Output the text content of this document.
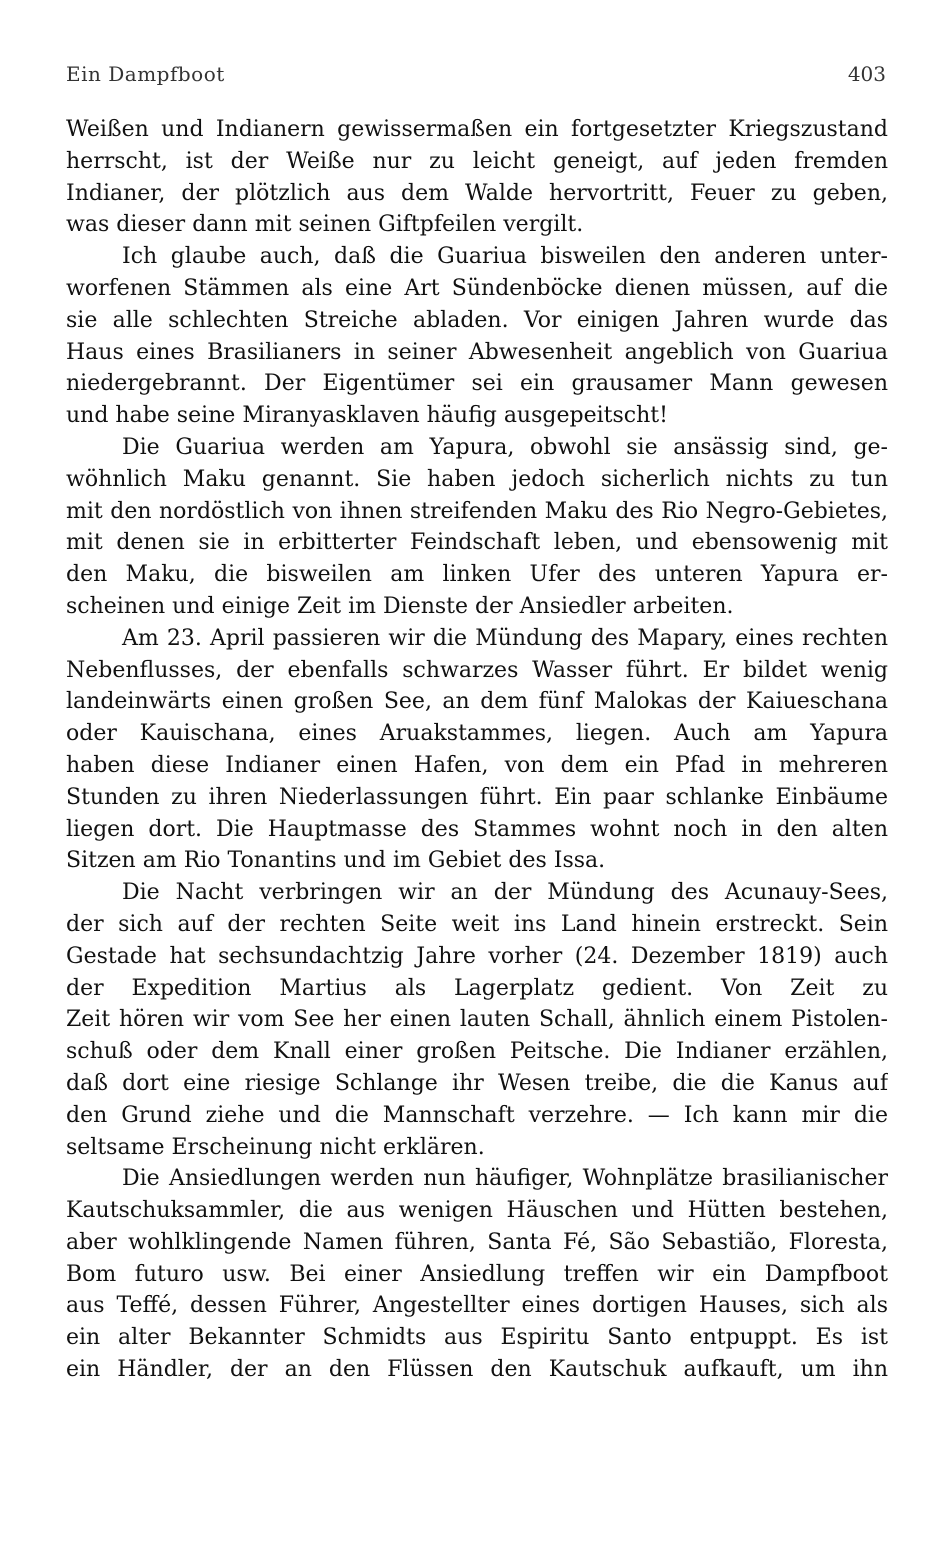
Ein Dampfboot	403
Weißen und Indianern gewissermaßen ein fortgesetzter Kriegszustand
herrscht, ist der Weiße nur zu leicht geneigt, auf jeden fremden
Indianer, der plötzlich aus dem Walde hervortritt, Feuer zu geben,
was dieser dann mit seinen Giftpfeilen vergilt.
Ich glaube auch, daß die Guariua bisweilen den anderen unter-
worfenen Stämmen als eine Art Sündenböcke dienen müssen, auf die
sie alle schlechten Streiche abladen. Vor einigen Jahren wurde das
Haus eines Brasilianers in seiner Abwesenheit angeblich von Guariua
niedergebrannt. Der Eigentümer sei ein grausamer Mann gewesen
und habe seine Miranyasklaven häufig ausgepeitscht!
Die Guariua werden am Yapura, obwohl sie ansässig sind, ge-
wöhnlich Maku genannt. Sie haben jedoch sicherlich nichts zu tun
mit den nordöstlich von ihnen streifenden Maku des Rio Negro-Gebietes,
mit denen sie in erbitterter Feindschaft leben, und ebensowenig mit
den Maku, die bisweilen am linken Ufer des unteren Yapura er-
scheinen und einige Zeit im Dienste der Ansiedler arbeiten.
Am 23. April passieren wir die Mündung des Mapary, eines rechten
Nebenflusses, der ebenfalls schwarzes Wasser führt. Er bildet wenig
landeinwärts einen großen See, an dem fünf Malokas der Kaiueschana
oder Kauischana, eines Aruakstammes, liegen. Auch am Yapura
haben diese Indianer einen Hafen, von dem ein Pfad in mehreren
Stunden zu ihren Niederlassungen führt. Ein paar schlanke Einbäume
liegen dort. Die Hauptmasse des Stammes wohnt noch in den alten
Sitzen am Rio Tonantins und im Gebiet des Issa.
Die Nacht verbringen wir an der Mündung des Acunauy-Sees,
der sich auf der rechten Seite weit ins Land hinein erstreckt. Sein
Gestade hat sechsundachtzig Jahre vorher (24. Dezember 1819) auch
der Expedition Martius als Lagerplatz gedient. Von Zeit zu
Zeit hören wir vom See her einen lauten Schall, ähnlich einem Pistolen-
schuß oder dem Knall einer großen Peitsche. Die Indianer erzählen,
daß dort eine riesige Schlange ihr Wesen treibe, die die Kanus auf
den Grund ziehe und die Mannschaft verzehre. — Ich kann mir die
seltsame Erscheinung nicht erklären.
Die Ansiedlungen werden nun häufiger, Wohnplätze brasilianischer
Kautschuksammler, die aus wenigen Häuschen und Hütten bestehen,
aber wohlklingende Namen führen, Santa Fé, São Sebastião, Floresta,
Bom futuro usw. Bei einer Ansiedlung treffen wir ein Dampfboot
aus Teffé, dessen Führer, Angestellter eines dortigen Hauses, sich als
ein alter Bekannter Schmidts aus Espiritu Santo entpuppt. Es ist
ein Händler, der an den Flüssen den Kautschuk aufkauft, um ihn
